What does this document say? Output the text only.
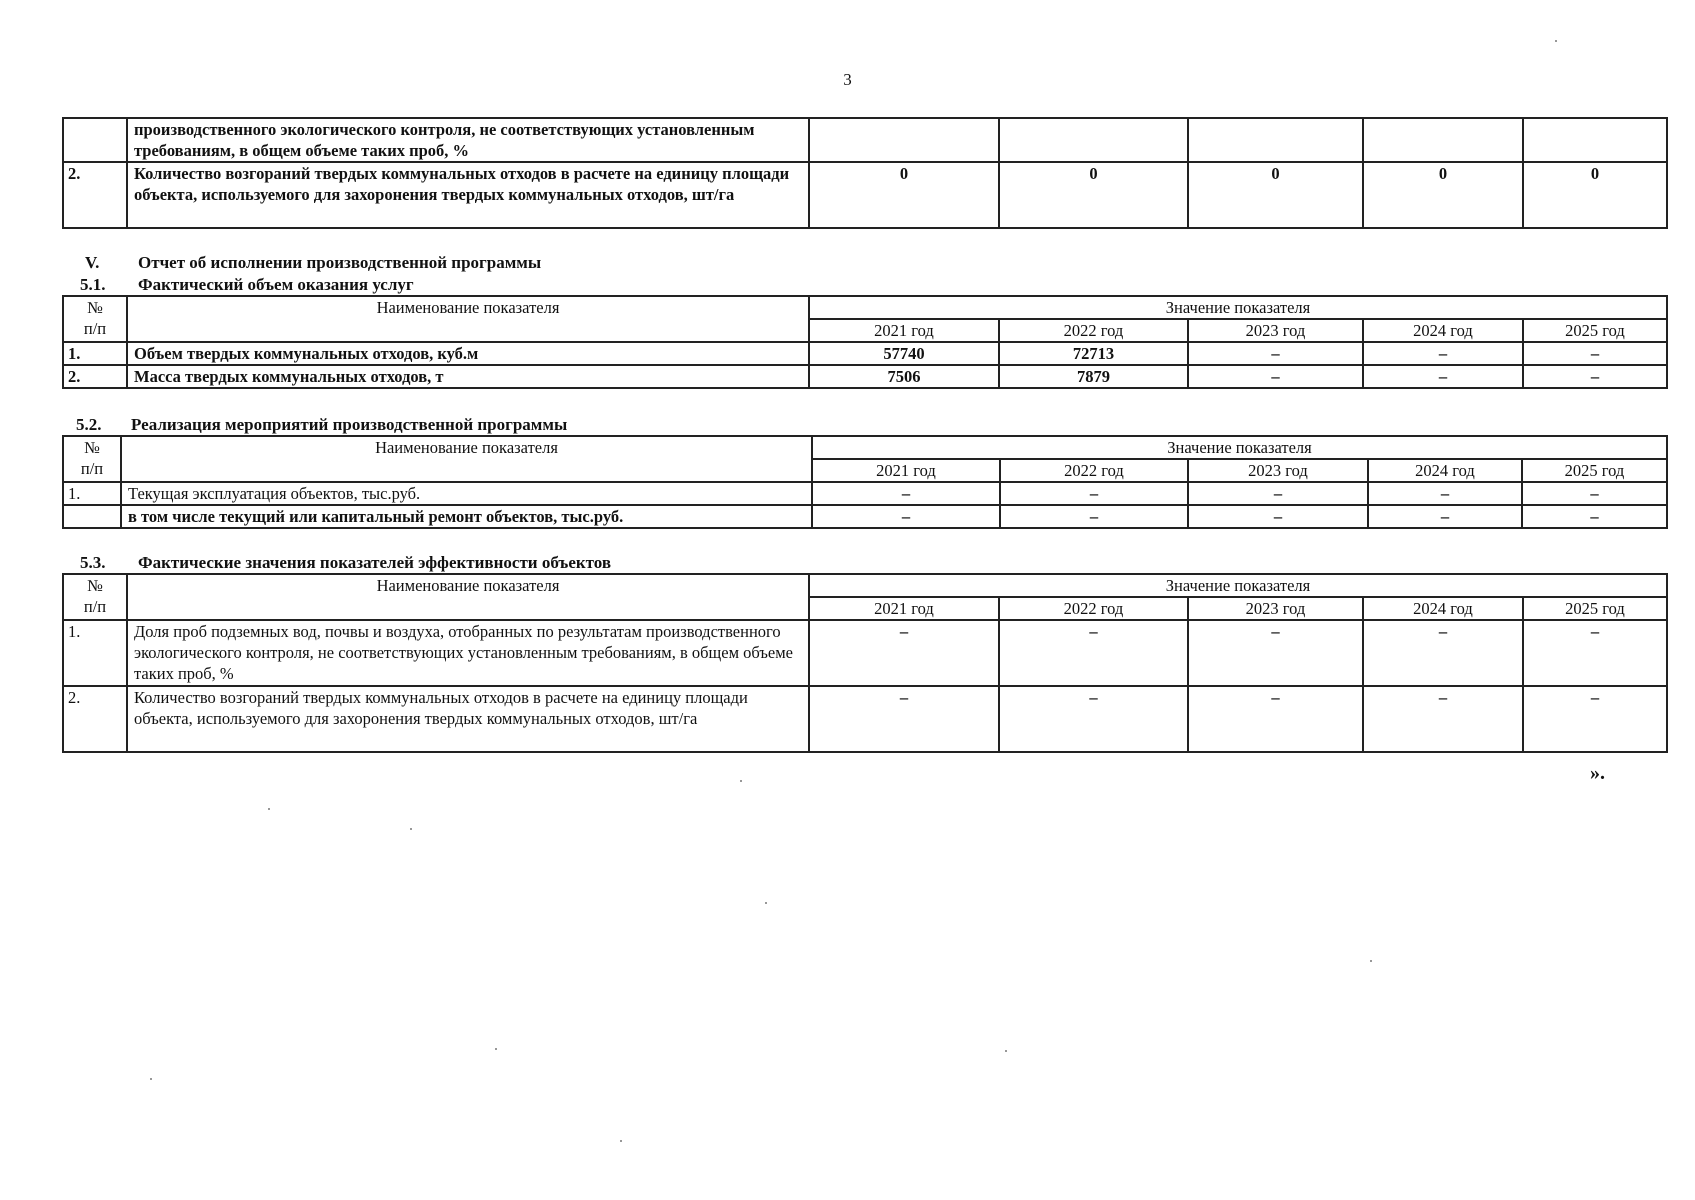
3
	производственного экологического контроля, не соответствующих установленным требованиям, в общем объеме таких проб, %					
2.	Количество возгораний твердых коммунальных отходов в расчете на единицу площади объекта, используемого для захоронения твердых коммунальных отходов, шт/га	0	0	0	0	0
V. Отчет об исполнении производственной программы
5.1. Фактический объем оказания услуг
№
п/п	Наименование показателя	Значение показателя				
		2021 год	2022 год	2023 год	2024 год	2025 год
1.	Объем твердых коммунальных отходов, куб.м	57740	72713	–	–	–
2.	Масса твердых коммунальных отходов, т	7506	7879	–	–	–
5.2. Реализация мероприятий производственной программы
№
п/п	Наименование показателя	Значение показателя				
		2021 год	2022 год	2023 год	2024 год	2025 год
1.	Текущая эксплуатация объектов, тыс.руб.	–	–	–	–	–
	в том числе текущий или капитальный ремонт объектов, тыс.руб.	–	–	–	–	–
5.3. Фактические значения показателей эффективности объектов
№
п/п	Наименование показателя	Значение показателя				
		2021 год	2022 год	2023 год	2024 год	2025 год
1.	Доля проб подземных вод, почвы и воздуха, отобранных по результатам производственного экологического контроля, не соответствующих установленным требованиям, в общем объеме таких проб, %	–	–	–	–	–
2.	Количество возгораний твердых коммунальных отходов в расчете на единицу площади объекта, используемого для захоронения твердых коммунальных отходов, шт/га	–	–	–	–	–
».
